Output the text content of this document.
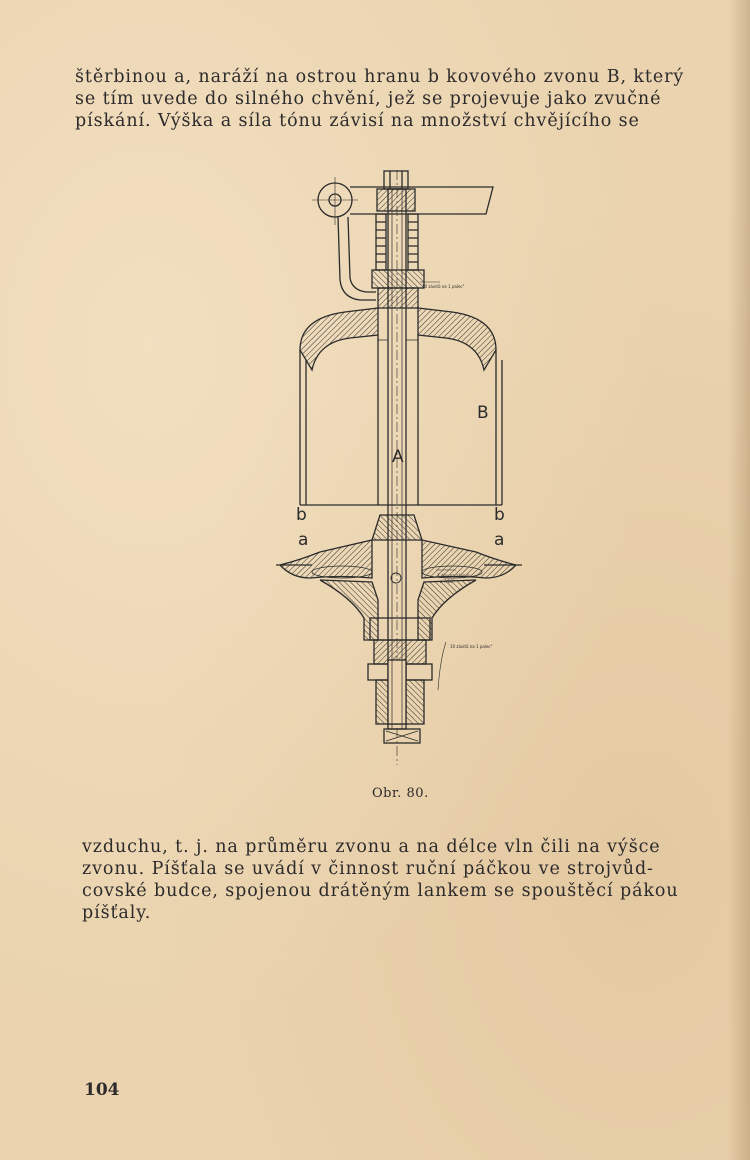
štěrbinou a, naráží na ostrou hranu b kovového zvonu B, který
se tím uvede do silného chvění, jež se projevuje jako zvučné
pískání. Výška a síla tónu závisí na množství chvějícího se

B
A
b	b
a	a
10 závitů na 1 palec"
3 díry na závodu
ø 7/16"
10 závitů na 1 palec"
Obr. 80.

vzduchu, t. j. na průměru zvonu a na délce vln čili na výšce
zvonu. Píšťala se uvádí v činnost ruční páčkou ve strojvůd-
covské budce, spojenou drátěným lankem se spouštěcí pákou
píšťaly.

104
